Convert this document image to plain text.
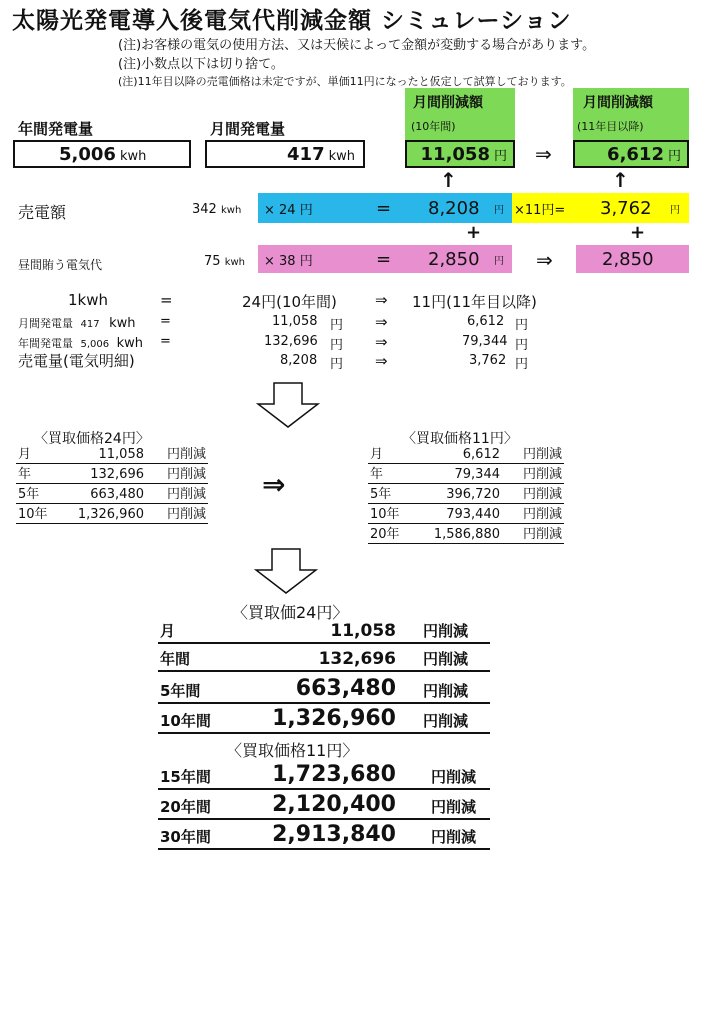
太陽光発電導入後電気代削減金額 シミュレーション
(注)お客様の電気の使用方法、又は天候によって金額が変動する場合があります。
(注)小数点以下は切り捨て。
(注)11年目以降の売電価格は未定ですが、単価11円になったと仮定して試算しております。
年間発電量	月間発電量
5,006 kwh	417 kwh
月間削減額
(10年間)
11,058 円 ⇒
月間削減額
(11年目以降)
6,612 円
↑	↑
売電額	342 kwh × 24 円	= 8,208 円 ×11円= 3,762 円
+	+
昼間賄う電気代	75 kwh × 38 円	= 2,850 円 ⇒	2,850
1kwh	=	24円(10年間)	⇒ 11円(11年目以降)
月間発電量 417 kwh =	11,058 円 ⇒	6,612 円
年間発電量 5,006 kwh =	132,696 円 ⇒	79,344 円
売電量(電気明細)	8,208 円 ⇒	3,762 円
〈買取価格24円〉
月	11,058 円削減
年	132,696 円削減
5年	663,480 円削減
10年 1,326,960 円削減
⇒
〈買取価格11円〉
月	6,612 円削減
年	79,344 円削減
5年	396,720 円削減
10年	793,440 円削減
20年	1,586,880 円削減
〈買取価24円〉
月	11,058 円削減
年間	132,696 円削減
5年間	663,480 円削減
10年間	1,326,960 円削減
〈買取価格11円〉
15年間	1,723,680 円削減
20年間	2,120,400 円削減
30年間	2,913,840 円削減
